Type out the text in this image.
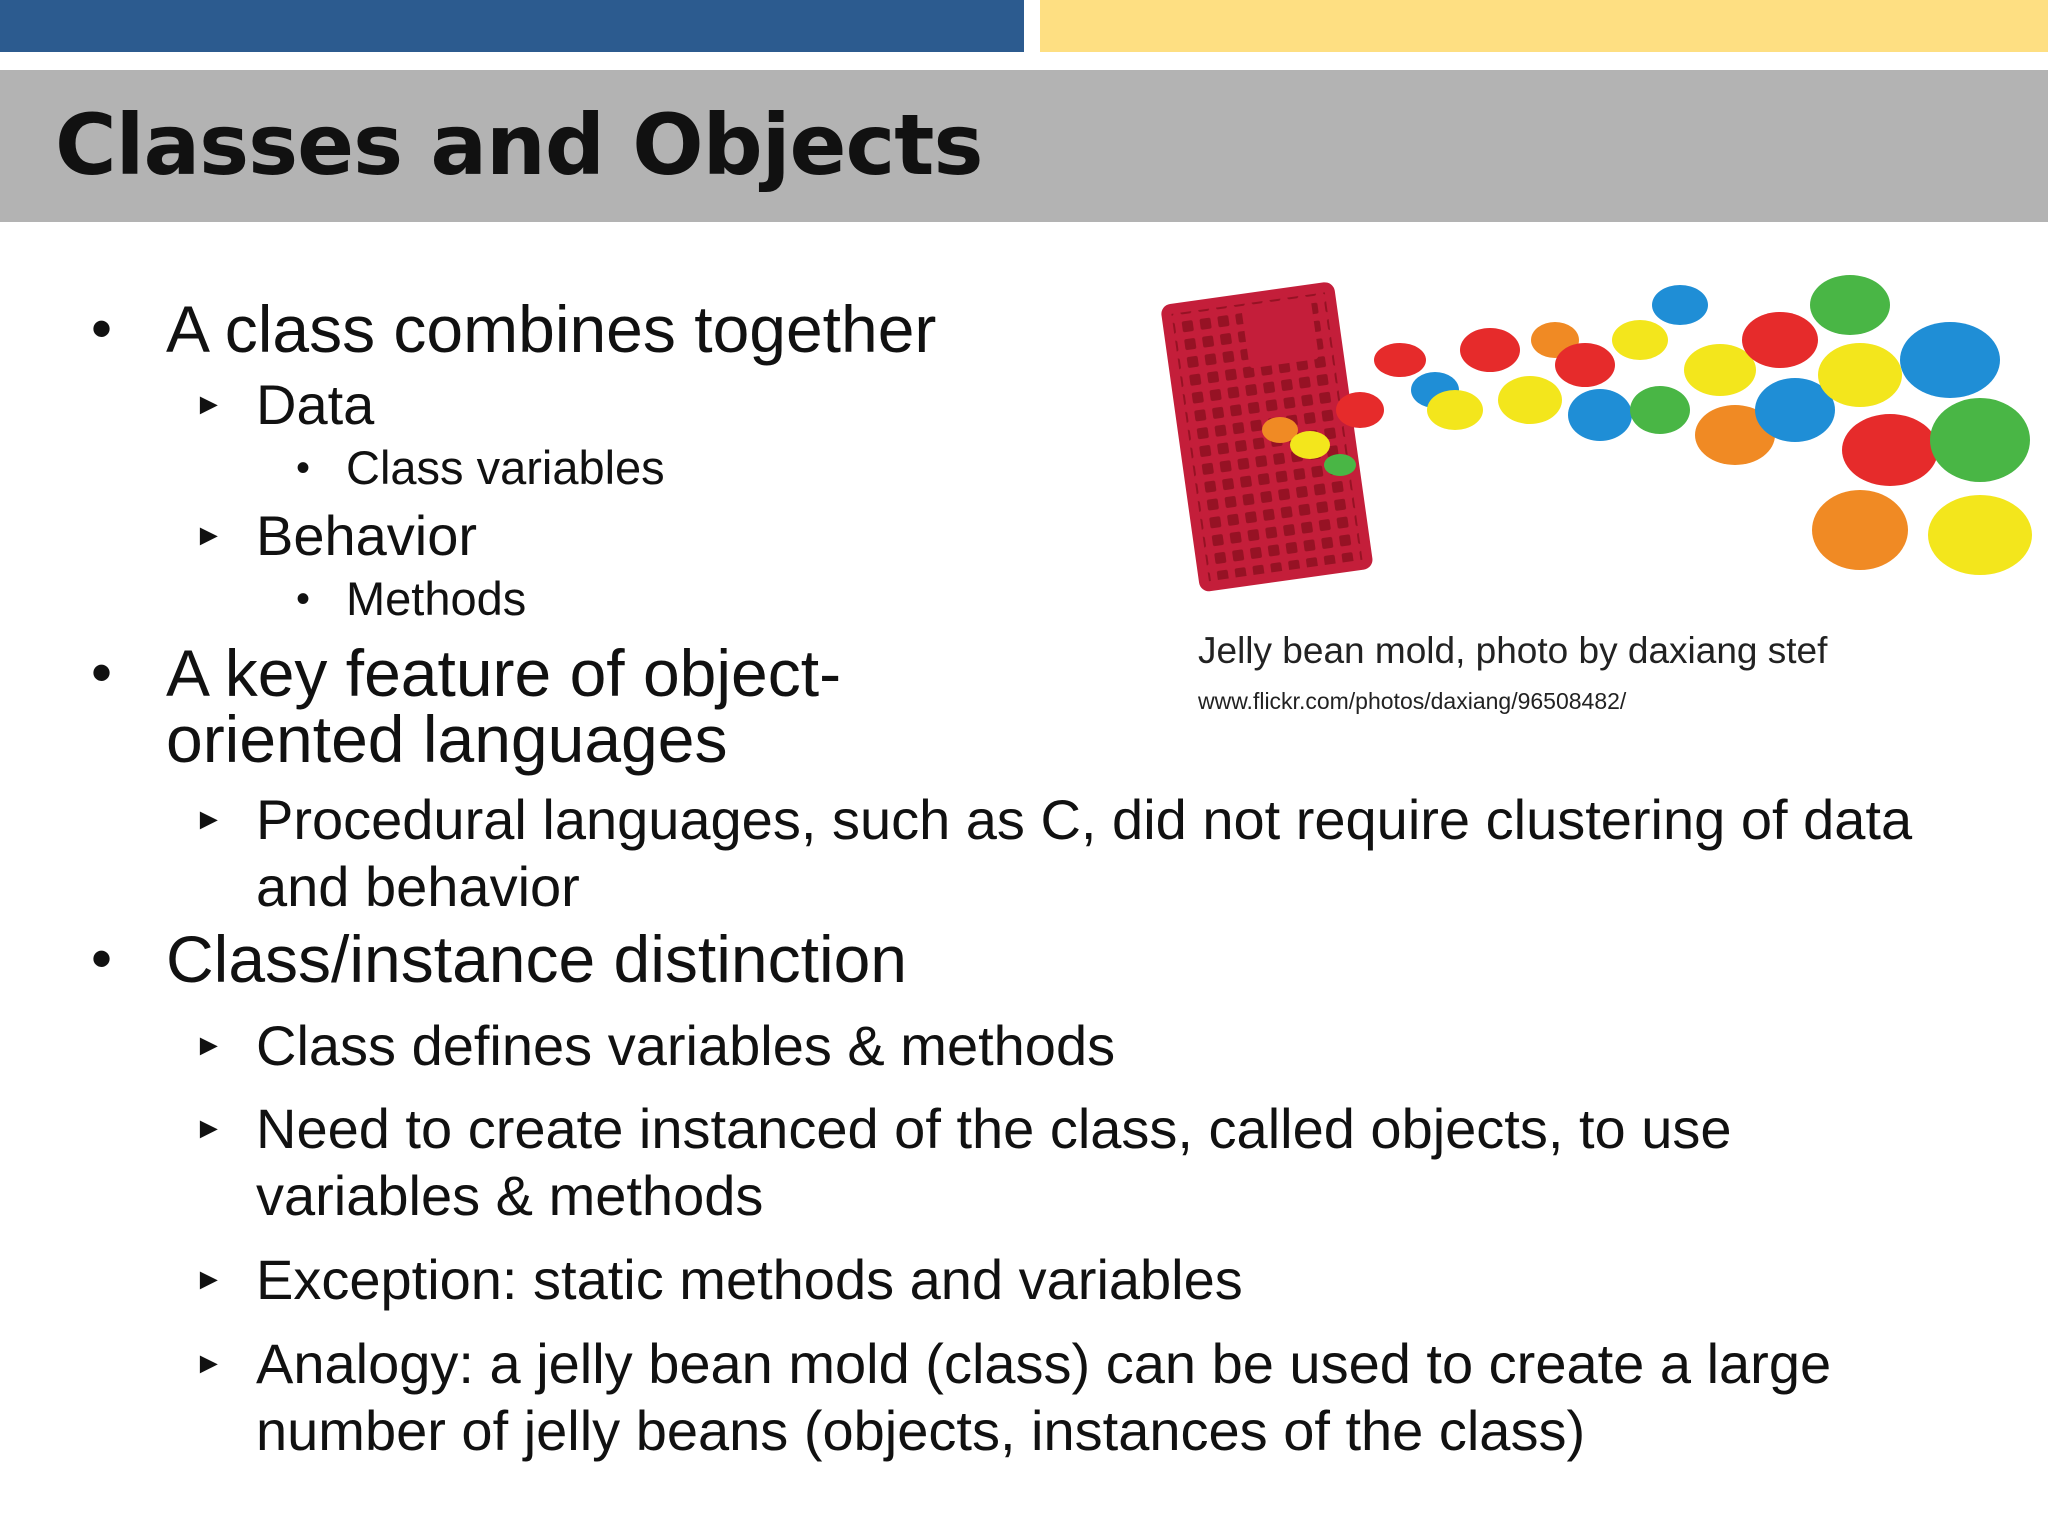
Classes and Objects
• A class combines together
► Data
• Class variables
► Behavior
• Methods
• A key feature of object-
oriented languages
► Procedural languages, such as C, did not require clustering of data
and behavior
• Class/instance distinction
► Class defines variables & methods
► Need to create instanced of the class, called objects, to use
variables & methods
► Exception: static methods and variables
► Analogy: a jelly bean mold (class) can be used to create a large
number of jelly beans (objects, instances of the class)
Jelly bean mold, photo by daxiang stef
www.flickr.com/photos/daxiang/96508482/
